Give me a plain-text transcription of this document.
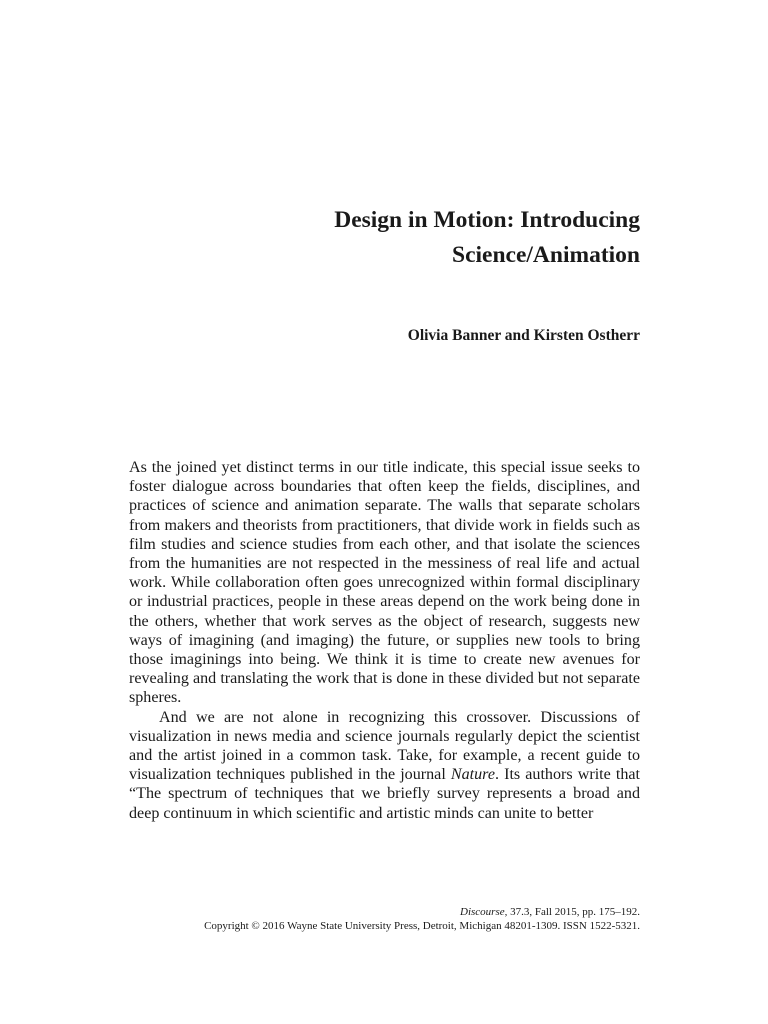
Design in Motion: Introducing

Science/Animation

Olivia Banner and Kirsten Ostherr

As the joined yet distinct terms in our title indicate, this special issue seeks to foster dialogue across boundaries that often keep the fields, disciplines, and practices of science and animation separate. The walls that separate scholars from makers and theorists from practitioners, that divide work in fields such as film studies and science studies from each other, and that isolate the sciences from the humanities are not respected in the messiness of real life and actual work. While collaboration often goes unrecognized within formal disciplinary or industrial practices, people in these areas depend on the work being done in the others, whether that work serves as the object of research, suggests new ways of imagining (and imaging) the future, or supplies new tools to bring those imaginings into being. We think it is time to create new avenues for revealing and translating the work that is done in these divided but not separate spheres.

And we are not alone in recognizing this crossover. Discussions of visualization in news media and science journals regularly depict the scientist and the artist joined in a common task. Take, for example, a recent guide to visualization techniques published in the journal Nature. Its authors write that “The spectrum of techniques that we briefly survey represents a broad and deep continuum in which scientific and artistic minds can unite to better

Discourse, 37.3, Fall 2015, pp. 175–192.
Copyright © 2016 Wayne State University Press, Detroit, Michigan 48201-1309. ISSN 1522-5321.
